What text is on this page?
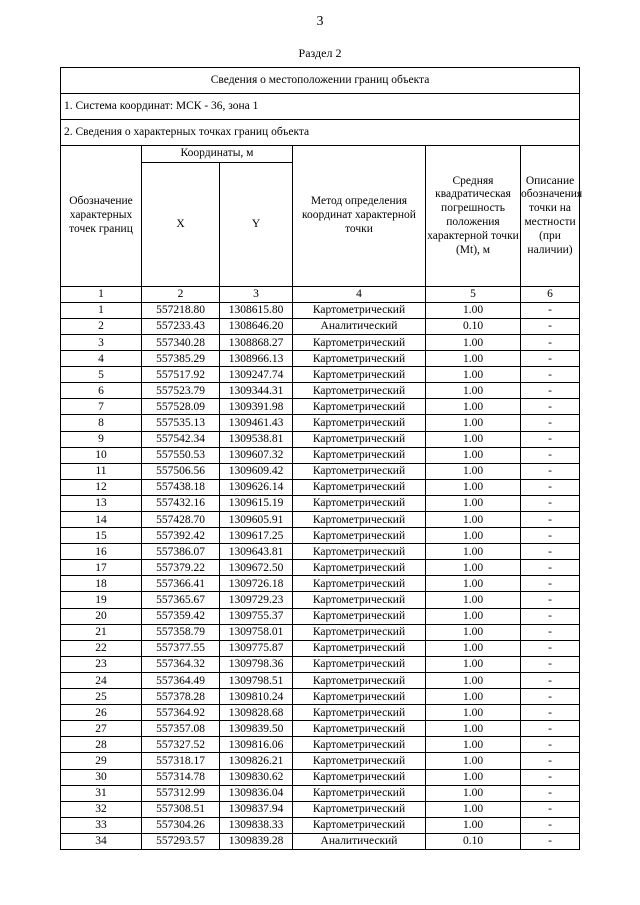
3
Раздел 2
Сведения о местоположении границ объекта					
1. Система координат: МСК - 36, зона 1					
2. Сведения о характерных точках границ объекта					
Обозначение характерных точек границ	Координаты, м		Метод определения координат характерной точки	Средняя квадратическая погрешность положения характерной точки (Mt), м	Описание обозначения точки на местности (при наличии)
	X	Y			
1	2	3	4	5	6
1	557218.80	1308615.80	Картометрический	1.00	-
2	557233.43	1308646.20	Аналитический	0.10	-
3	557340.28	1308868.27	Картометрический	1.00	-
4	557385.29	1308966.13	Картометрический	1.00	-
5	557517.92	1309247.74	Картометрический	1.00	-
6	557523.79	1309344.31	Картометрический	1.00	-
7	557528.09	1309391.98	Картометрический	1.00	-
8	557535.13	1309461.43	Картометрический	1.00	-
9	557542.34	1309538.81	Картометрический	1.00	-
10	557550.53	1309607.32	Картометрический	1.00	-
11	557506.56	1309609.42	Картометрический	1.00	-
12	557438.18	1309626.14	Картометрический	1.00	-
13	557432.16	1309615.19	Картометрический	1.00	-
14	557428.70	1309605.91	Картометрический	1.00	-
15	557392.42	1309617.25	Картометрический	1.00	-
16	557386.07	1309643.81	Картометрический	1.00	-
17	557379.22	1309672.50	Картометрический	1.00	-
18	557366.41	1309726.18	Картометрический	1.00	-
19	557365.67	1309729.23	Картометрический	1.00	-
20	557359.42	1309755.37	Картометрический	1.00	-
21	557358.79	1309758.01	Картометрический	1.00	-
22	557377.55	1309775.87	Картометрический	1.00	-
23	557364.32	1309798.36	Картометрический	1.00	-
24	557364.49	1309798.51	Картометрический	1.00	-
25	557378.28	1309810.24	Картометрический	1.00	-
26	557364.92	1309828.68	Картометрический	1.00	-
27	557357.08	1309839.50	Картометрический	1.00	-
28	557327.52	1309816.06	Картометрический	1.00	-
29	557318.17	1309826.21	Картометрический	1.00	-
30	557314.78	1309830.62	Картометрический	1.00	-
31	557312.99	1309836.04	Картометрический	1.00	-
32	557308.51	1309837.94	Картометрический	1.00	-
33	557304.26	1309838.33	Картометрический	1.00	-
34	557293.57	1309839.28	Аналитический	0.10	-
